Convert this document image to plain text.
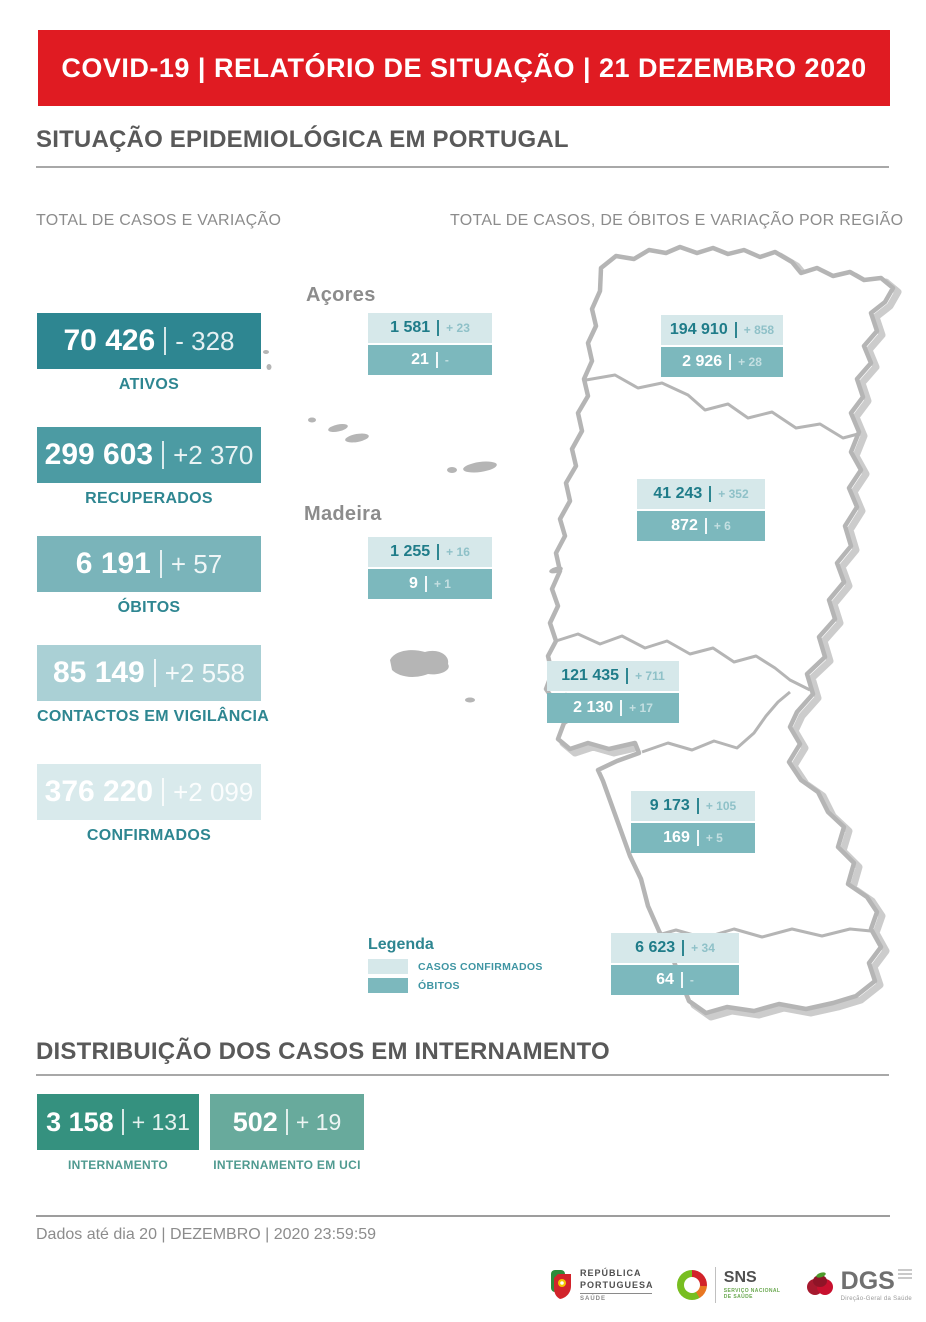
COVID-19 | RELATÓRIO DE SITUAÇÃO | 21 DEZEMBRO 2020
SITUAÇÃO EPIDEMIOLÓGICA EM PORTUGAL
TOTAL DE CASOS E VARIAÇÃO	TOTAL DE CASOS, DE ÓBITOS E VARIAÇÃO POR REGIÃO
70 426 - 328
ATIVOS
299 603 +2 370
RECUPERADOS
6 191 + 57
ÓBITOS
85 149 +2 558
CONTACTOS EM VIGILÂNCIA
376 220 +2 099
CONFIRMADOS
Açores
Madeira
1 581 + 23
21 -
194 910 + 858
2 926 + 28
41 243 + 352
872 + 6
1 255 + 16
9 + 1
121 435 + 711
2 130 + 17
9 173 + 105
169 + 5
6 623 + 34
64 -
Legenda
CASOS CONFIRMADOS
ÓBITOS
DISTRIBUIÇÃO DOS CASOS EM INTERNAMENTO
3 158 + 131
INTERNAMENTO
502 + 19
INTERNAMENTO EM UCI
Dados até dia 20 | DEZEMBRO | 2020 23:59:59
REPÚBLICA
PORTUGUESA
SAÚDE
SNS
SERVIÇO NACIONAL
DE SAÚDE
DGS
Direção-Geral da Saúde
